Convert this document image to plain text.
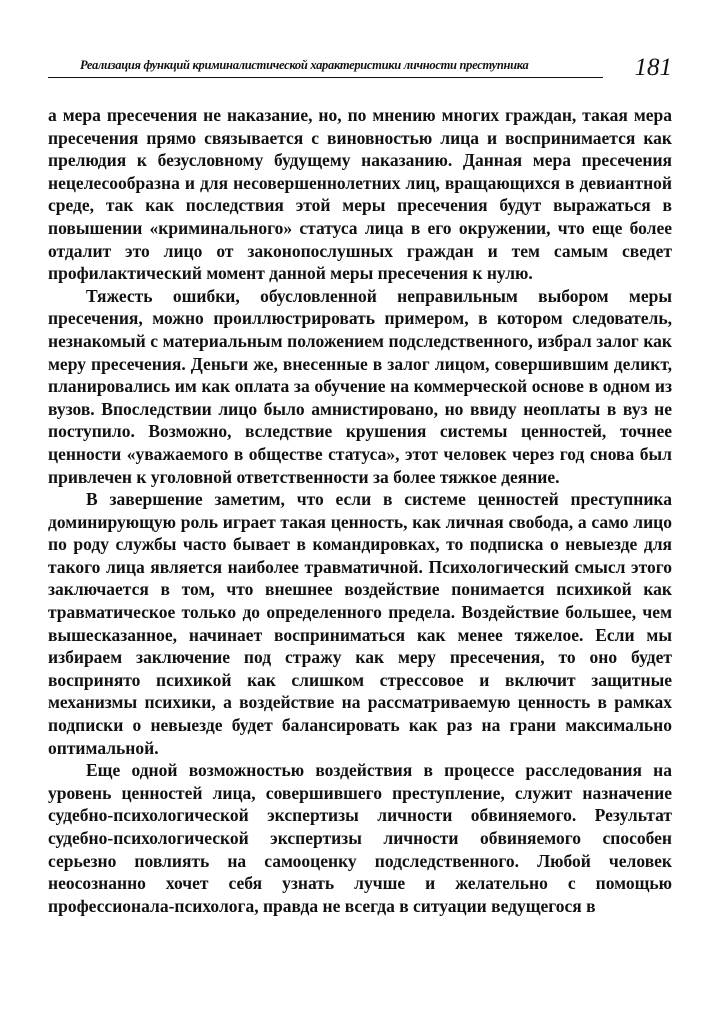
Реализация функций криминалистической характеристики личности преступника	181

а мера пресечения не наказание, но, по мнению многих граждан, такая мера пресечения прямо связывается с виновностью лица и воспринимается как прелюдия к безусловному будущему наказанию. Данная мера пресечения нецелесообразна и для несовершеннолетних лиц, вращающихся в девиантной среде, так как последствия этой меры пресечения будут выражаться в повышении «криминального» статуса лица в его окружении, что еще более отдалит это лицо от законопослушных граждан и тем самым сведет профилактический момент данной меры пресечения к нулю.

Тяжесть ошибки, обусловленной неправильным выбором меры пресечения, можно проиллюстрировать примером, в котором следователь, незнакомый с материальным положением подследственного, избрал залог как меру пресечения. Деньги же, внесенные в залог лицом, совершившим деликт, планировались им как оплата за обучение на коммерческой основе в одном из вузов. Впоследствии лицо было амнистировано, но ввиду неоплаты в вуз не поступило. Возможно, вследствие крушения системы ценностей, точнее ценности «уважаемого в обществе статуса», этот человек через год снова был привлечен к уголовной ответственности за более тяжкое деяние.

В завершение заметим, что если в системе ценностей преступника доминирующую роль играет такая ценность, как личная свобода, а само лицо по роду службы часто бывает в командировках, то подписка о невыезде для такого лица является наиболее травматичной. Психологический смысл этого заключается в том, что внешнее воздействие понимается психикой как травматическое только до определенного предела. Воздействие большее, чем вышесказанное, начинает восприниматься как менее тяжелое. Если мы избираем заключение под стражу как меру пресечения, то оно будет воспринято психикой как слишком стрессовое и включит защитные механизмы психики, а воздействие на рассматриваемую ценность в рамках подписки о невыезде будет балансировать как раз на грани максимально оптимальной.

Еще одной возможностью воздействия в процессе расследования на уровень ценностей лица, совершившего преступление, служит назначение судебно-психологической экспертизы личности обвиняемого. Результат судебно-психологической экспертизы личности обвиняемого способен серьезно повлиять на самооценку подследственного. Любой человек неосознанно хочет себя узнать лучше и желательно с помощью профессионала-психолога, правда не всегда в ситуации ведущегося в
